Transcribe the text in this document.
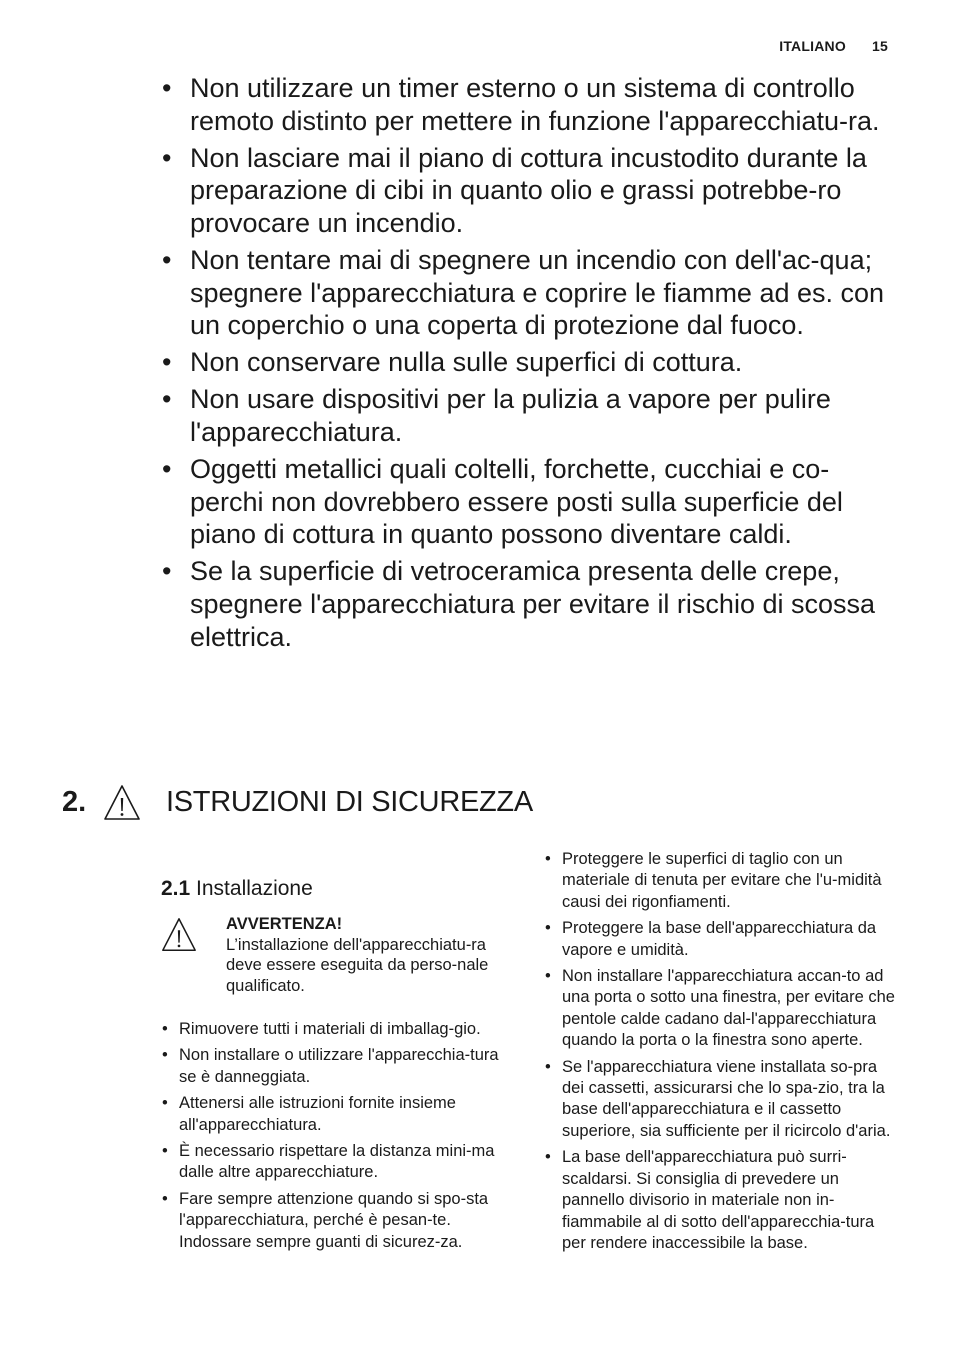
ITALIANO 15
• Non utilizzare un timer esterno o un sistema di controllo remoto distinto per mettere in funzione l'apparecchiatu-ra.
• Non lasciare mai il piano di cottura incustodito durante la preparazione di cibi in quanto olio e grassi potrebbe-ro provocare un incendio.
• Non tentare mai di spegnere un incendio con dell'ac-qua; spegnere l'apparecchiatura e coprire le fiamme ad es. con un coperchio o una coperta di protezione dal fuoco.
• Non conservare nulla sulle superfici di cottura.
• Non usare dispositivi per la pulizia a vapore per pulire l'apparecchiatura.
• Oggetti metallici quali coltelli, forchette, cucchiai e co-perchi non dovrebbero essere posti sulla superficie del piano di cottura in quanto possono diventare caldi.
• Se la superficie di vetroceramica presenta delle crepe, spegnere l'apparecchiatura per evitare il rischio di scossa elettrica.
2.	ISTRUZIONI DI SICUREZZA
2.1 Installazione
AVVERTENZA!
L’installazione dell'apparecchiatu-ra deve essere eseguita da perso-nale qualificato.
• Rimuovere tutti i materiali di imballag-gio.
• Non installare o utilizzare l'apparecchia-tura se è danneggiata.
• Attenersi alle istruzioni fornite insieme all'apparecchiatura.
• È necessario rispettare la distanza mini-ma dalle altre apparecchiature.
• Fare sempre attenzione quando si spo-sta l'apparecchiatura, perché è pesan-te. Indossare sempre guanti di sicurez-za.
• Proteggere le superfici di taglio con un materiale di tenuta per evitare che l'u-midità causi dei rigonfiamenti.
• Proteggere la base dell'apparecchiatura da vapore e umidità.
• Non installare l'apparecchiatura accan-to ad una porta o sotto una finestra, per evitare che pentole calde cadano dal-l'apparecchiatura quando la porta o la finestra sono aperte.
• Se l'apparecchiatura viene installata so-pra dei cassetti, assicurarsi che lo spa-zio, tra la base dell'apparecchiatura e il cassetto superiore, sia sufficiente per il ricircolo d'aria.
• La base dell'apparecchiatura può surri-scaldarsi. Si consiglia di prevedere un pannello divisorio in materiale non in-fiammabile al di sotto dell'apparecchia-tura per rendere inaccessibile la base.
